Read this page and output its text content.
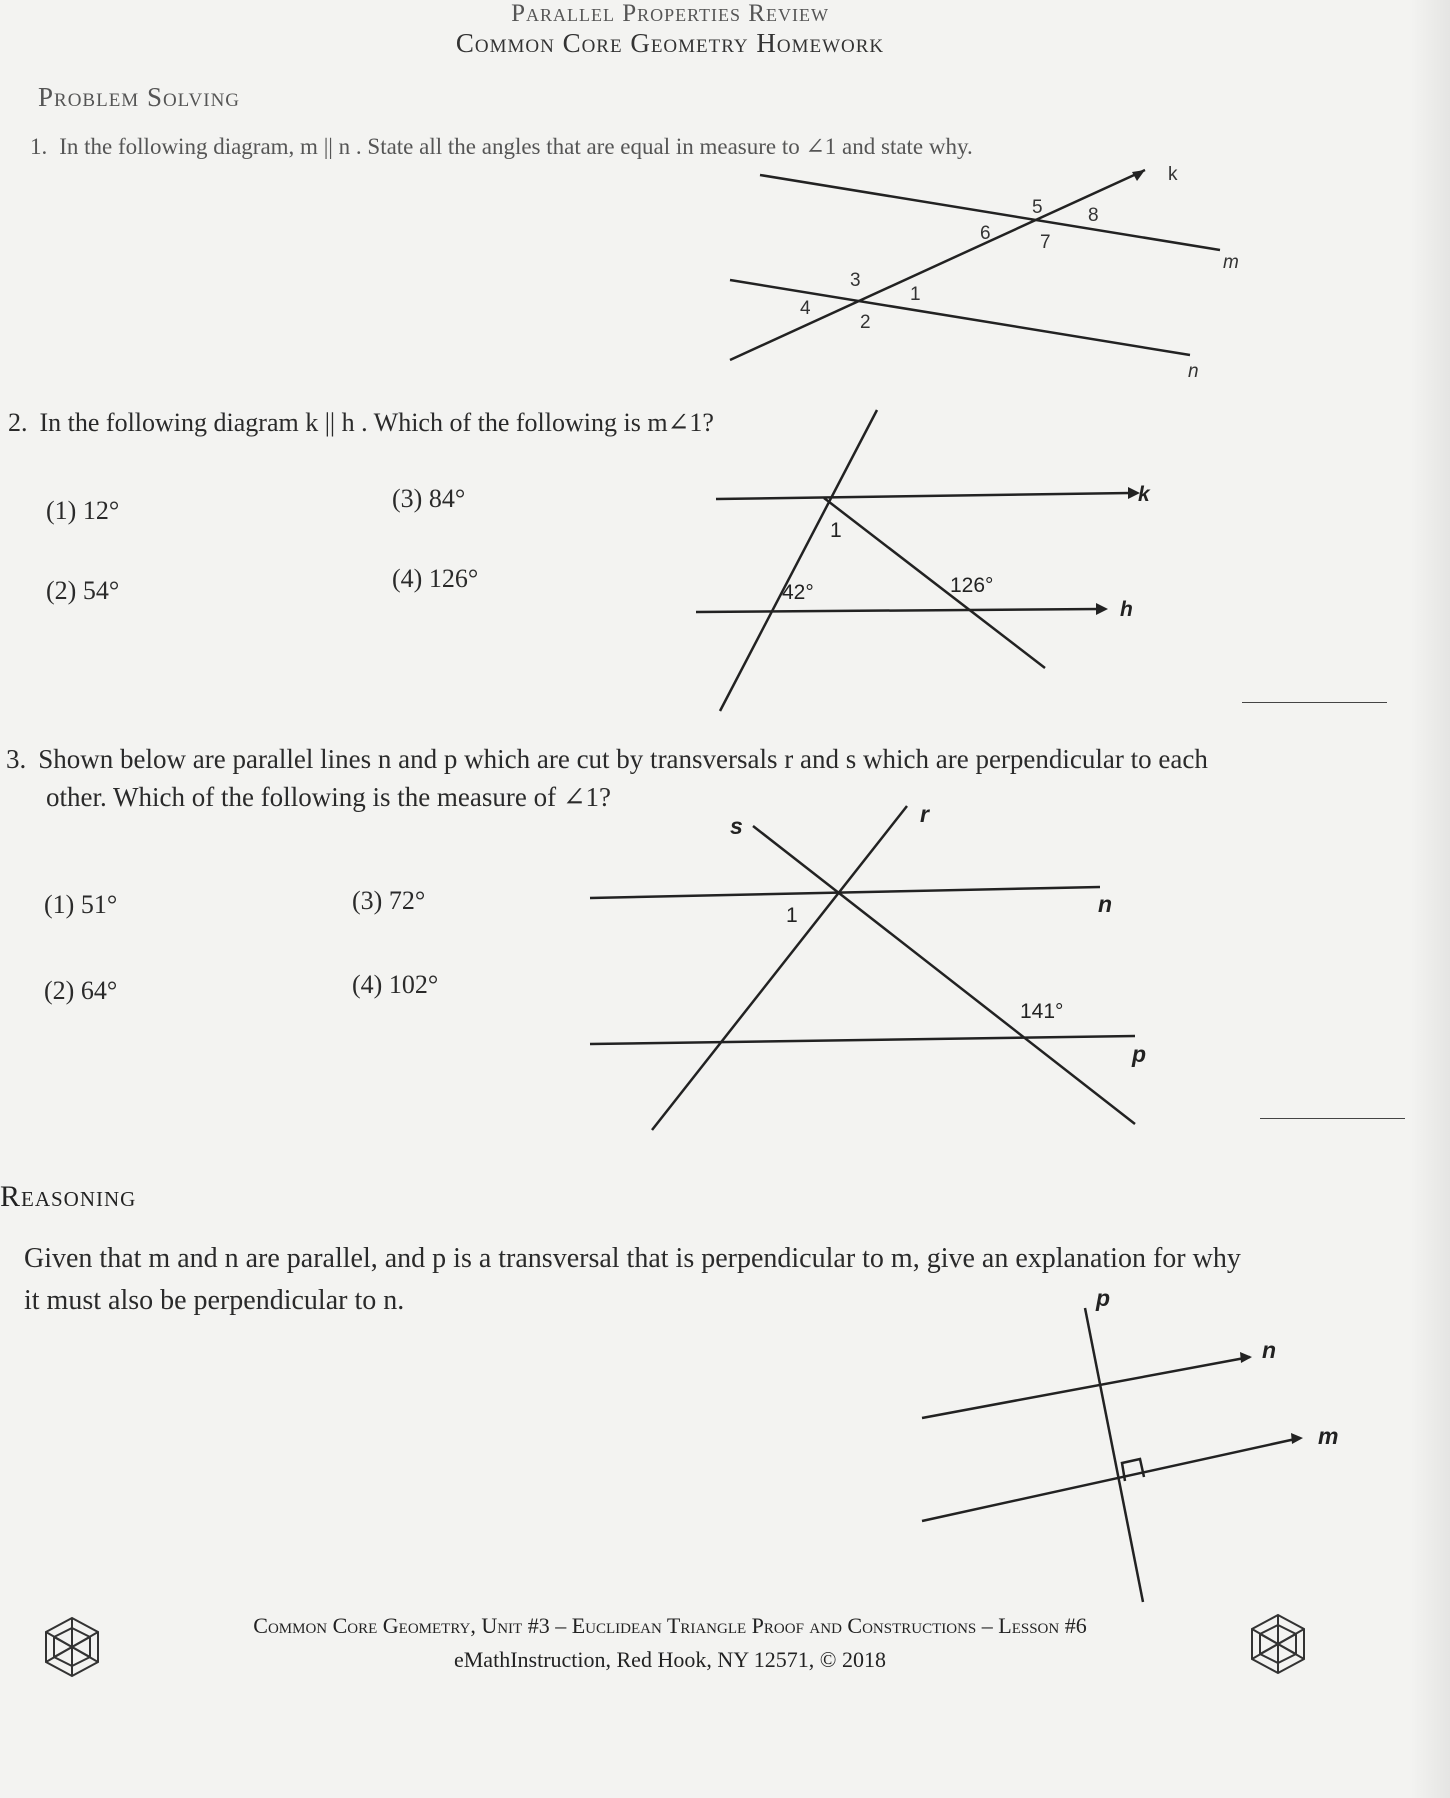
Parallel Properties Review
Common Core Geometry Homework
Problem Solving
1. In the following diagram, m || n . State all the angles that are equal in measure to ∠1 and state why.
k
m
n
1
2
3
4
5
6	7
8
2. In the following diagram k || h . Which of the following is m∠1?
(1) 12°
(2) 54°
(3) 84°
(4) 126°
k
h
1
42°	126°
3. Shown below are parallel lines n and p which are cut by transversals r and s which are perpendicular to each
other. Which of the following is the measure of ∠1?
(1) 51°
(2) 64°
(3) 72°
(4) 102°
s	r
n
p
1
141°
Reasoning
Given that m and n are parallel, and p is a transversal that is perpendicular to m, give an explanation for why
it must also be perpendicular to n.	p
n
m
Common Core Geometry, Unit #3 – Euclidean Triangle Proof and Constructions – Lesson #6
eMathInstruction, Red Hook, NY 12571, © 2018
